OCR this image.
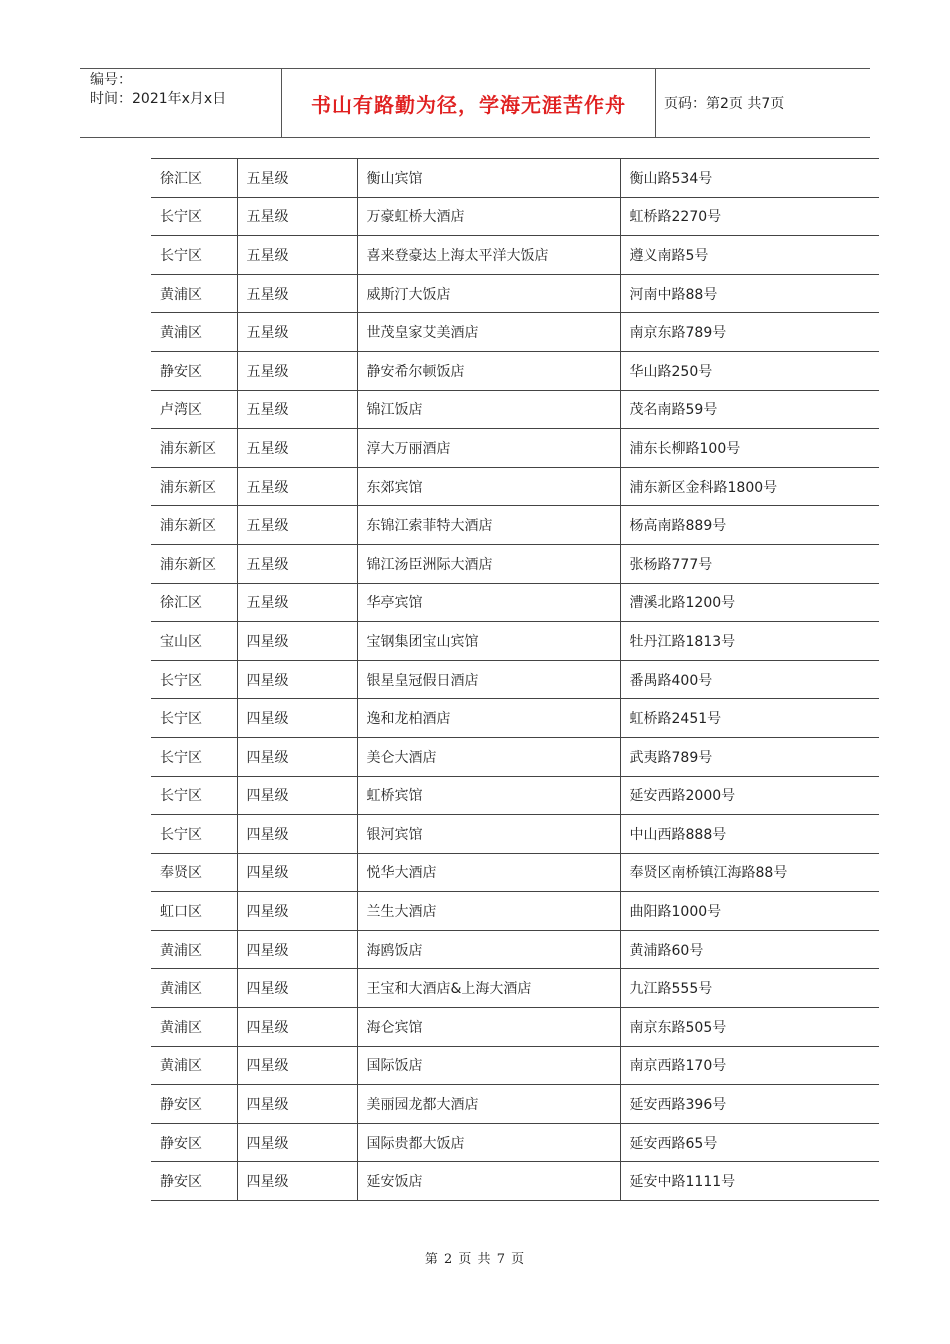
编号：
时间：2021年x月x日	书山有路勤为径，学海无涯苦作舟	页码：第2页 共7页
徐汇区	五星级	衡山宾馆	衡山路534号
长宁区	五星级	万豪虹桥大酒店	虹桥路2270号
长宁区	五星级	喜来登豪达上海太平洋大饭店	遵义南路5号
黄浦区	五星级	威斯汀大饭店	河南中路88号
黄浦区	五星级	世茂皇家艾美酒店	南京东路789号
静安区	五星级	静安希尔顿饭店	华山路250号
卢湾区	五星级	锦江饭店	茂名南路59号
浦东新区	五星级	淳大万丽酒店	浦东长柳路100号
浦东新区	五星级	东郊宾馆	浦东新区金科路1800号
浦东新区	五星级	东锦江索菲特大酒店	杨高南路889号
浦东新区	五星级	锦江汤臣洲际大酒店	张杨路777号
徐汇区	五星级	华亭宾馆	漕溪北路1200号
宝山区	四星级	宝钢集团宝山宾馆	牡丹江路1813号
长宁区	四星级	银星皇冠假日酒店	番禺路400号
长宁区	四星级	逸和龙柏酒店	虹桥路2451号
长宁区	四星级	美仑大酒店	武夷路789号
长宁区	四星级	虹桥宾馆	延安西路2000号
长宁区	四星级	银河宾馆	中山西路888号
奉贤区	四星级	悦华大酒店	奉贤区南桥镇江海路88号
虹口区	四星级	兰生大酒店	曲阳路1000号
黄浦区	四星级	海鸥饭店	黄浦路60号
黄浦区	四星级	王宝和大酒店&上海大酒店	九江路555号
黄浦区	四星级	海仑宾馆	南京东路505号
黄浦区	四星级	国际饭店	南京西路170号
静安区	四星级	美丽园龙都大酒店	延安西路396号
静安区	四星级	国际贵都大饭店	延安西路65号
静安区	四星级	延安饭店	延安中路1111号
第 2 页 共 7 页
